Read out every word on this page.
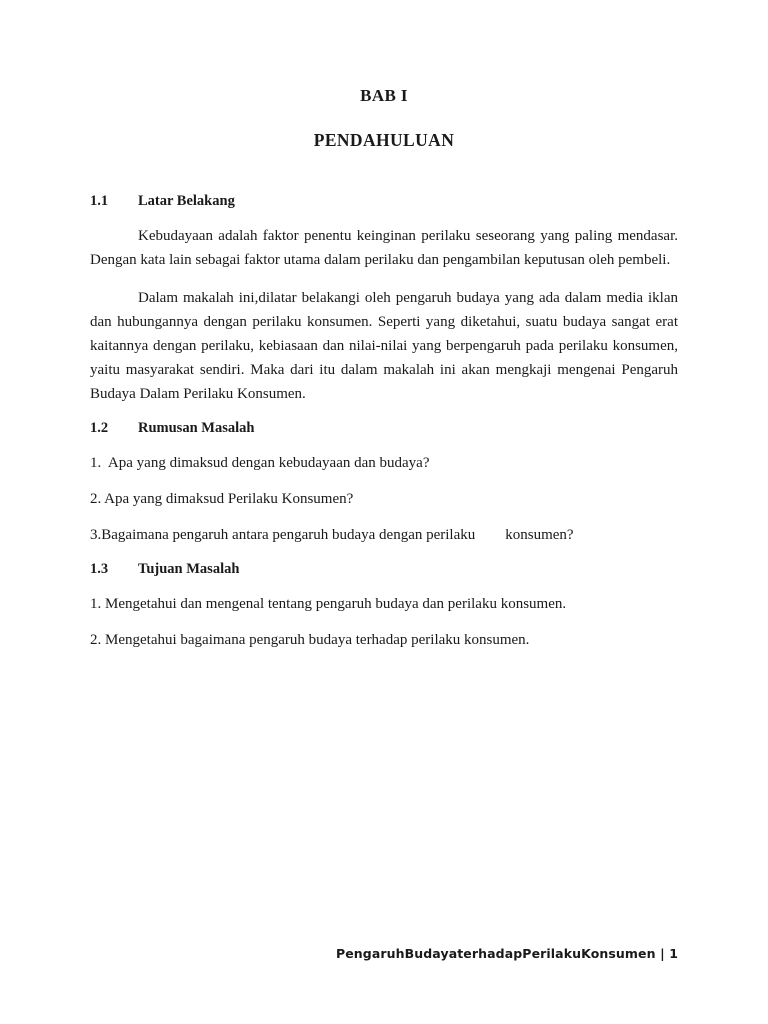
BAB I
PENDAHULUAN
1.1 Latar Belakang

Kebudayaan adalah faktor penentu keinginan perilaku seseorang yang paling mendasar. Dengan kata lain sebagai faktor utama dalam perilaku dan pengambilan keputusan oleh pembeli.

Dalam makalah ini,dilatar belakangi oleh pengaruh budaya yang ada dalam media iklan dan hubungannya dengan perilaku konsumen. Seperti yang diketahui, suatu budaya sangat erat kaitannya dengan perilaku, kebiasaan dan nilai-nilai yang berpengaruh pada perilaku konsumen, yaitu masyarakat sendiri. Maka dari itu dalam makalah ini akan mengkaji mengenai Pengaruh Budaya Dalam Perilaku Konsumen.

1.2 Rumusan Masalah

1.  Apa yang dimaksud dengan kebudayaan dan budaya?

2. Apa yang dimaksud Perilaku Konsumen?

3.Bagaimana pengaruh antara pengaruh budaya dengan perilaku        konsumen?

1.3 Tujuan Masalah

1. Mengetahui dan mengenal tentang pengaruh budaya dan perilaku konsumen.

2. Mengetahui bagaimana pengaruh budaya terhadap perilaku konsumen.

PengaruhBudayaterhadapPerilakuKonsumen | 1
